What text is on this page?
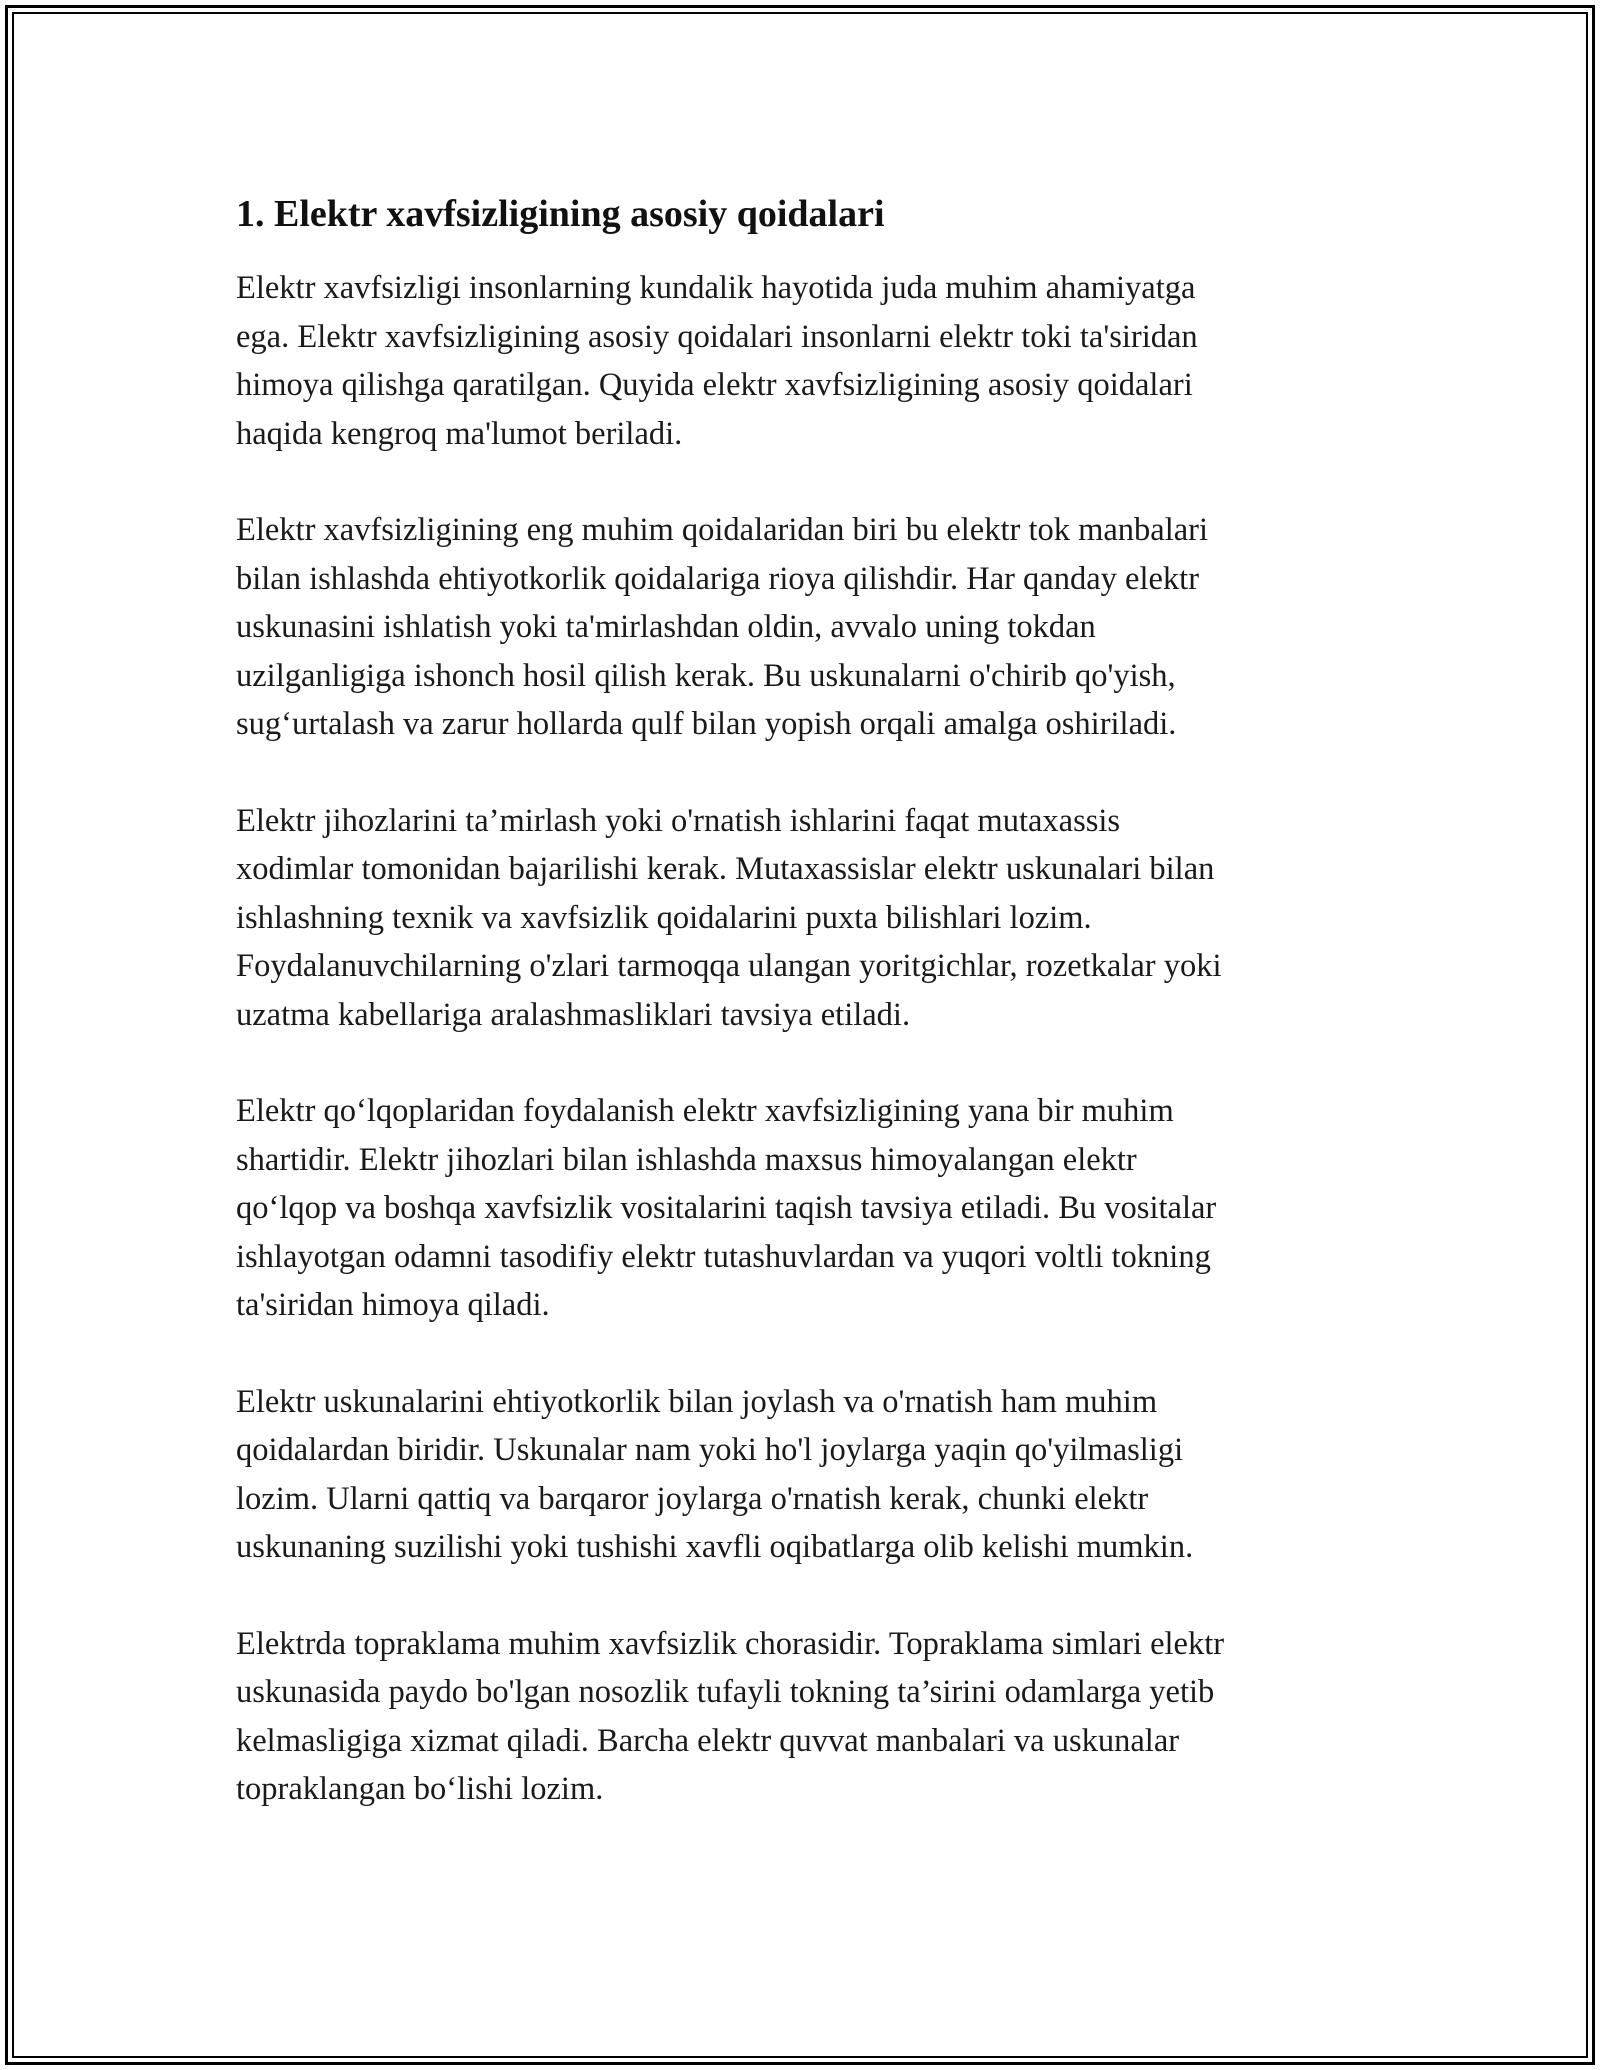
1. Elektr xavfsizligining asosiy qoidalari

Elektr xavfsizligi insonlarning kundalik hayotida juda muhim ahamiyatga
ega. Elektr xavfsizligining asosiy qoidalari insonlarni elektr toki ta'siridan
himoya qilishga qaratilgan. Quyida elektr xavfsizligining asosiy qoidalari
haqida kengroq ma'lumot beriladi.

Elektr xavfsizligining eng muhim qoidalaridan biri bu elektr tok manbalari
bilan ishlashda ehtiyotkorlik qoidalariga rioya qilishdir. Har qanday elektr
uskunasini ishlatish yoki ta'mirlashdan oldin, avvalo uning tokdan
uzilganligiga ishonch hosil qilish kerak. Bu uskunalarni o'chirib qo'yish,
sug‘urtalash va zarur hollarda qulf bilan yopish orqali amalga oshiriladi.

Elektr jihozlarini ta’mirlash yoki o'rnatish ishlarini faqat mutaxassis
xodimlar tomonidan bajarilishi kerak. Mutaxassislar elektr uskunalari bilan
ishlashning texnik va xavfsizlik qoidalarini puxta bilishlari lozim.
Foydalanuvchilarning o'zlari tarmoqqa ulangan yoritgichlar, rozetkalar yoki
uzatma kabellariga aralashmasliklari tavsiya etiladi.

Elektr qo‘lqoplaridan foydalanish elektr xavfsizligining yana bir muhim
shartidir. Elektr jihozlari bilan ishlashda maxsus himoyalangan elektr
qo‘lqop va boshqa xavfsizlik vositalarini taqish tavsiya etiladi. Bu vositalar
ishlayotgan odamni tasodifiy elektr tutashuvlardan va yuqori voltli tokning
ta'siridan himoya qiladi.

Elektr uskunalarini ehtiyotkorlik bilan joylash va o'rnatish ham muhim
qoidalardan biridir. Uskunalar nam yoki ho'l joylarga yaqin qo'yilmasligi
lozim. Ularni qattiq va barqaror joylarga o'rnatish kerak, chunki elektr
uskunaning suzilishi yoki tushishi xavfli oqibatlarga olib kelishi mumkin.

Elektrda topraklama muhim xavfsizlik chorasidir. Topraklama simlari elektr
uskunasida paydo bo'lgan nosozlik tufayli tokning ta’sirini odamlarga yetib
kelmasligiga xizmat qiladi. Barcha elektr quvvat manbalari va uskunalar
topraklangan bo‘lishi lozim.
